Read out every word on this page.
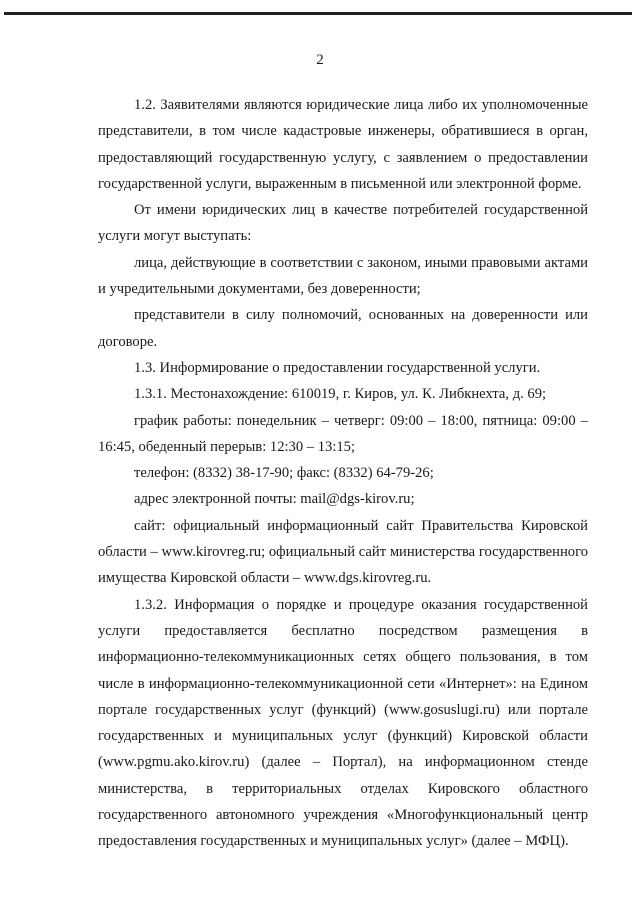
2

1.2. Заявителями являются юридические лица либо их уполномоченные представители, в том числе кадастровые инженеры, обратившиеся в орган, предоставляющий государственную услугу, с заявлением о предоставлении государственной услуги, выраженным в письменной или электронной форме.

От имени юридических лиц в качестве потребителей государственной услуги могут выступать:

лица, действующие в соответствии с законом, иными правовыми актами и учредительными документами, без доверенности;

представители в силу полномочий, основанных на доверенности или договоре.

1.3. Информирование о предоставлении государственной услуги.

1.3.1. Местонахождение: 610019, г. Киров, ул. К. Либкнехта, д. 69;

график работы: понедельник – четверг: 09:00 – 18:00, пятница: 09:00 – 16:45, обеденный перерыв: 12:30 – 13:15;

телефон: (8332) 38-17-90; факс: (8332) 64-79-26;

адрес электронной почты: mail@dgs-kirov.ru;

сайт: официальный информационный сайт Правительства Кировской области – www.kirovreg.ru; официальный сайт министерства государственного имущества Кировской области – www.dgs.kirovreg.ru.

1.3.2. Информация о порядке и процедуре оказания государственной услуги предоставляется бесплатно посредством размещения в информационно-телекоммуникационных сетях общего пользования, в том числе в информационно-телекоммуникационной сети «Интернет»: на Едином портале государственных услуг (функций) (www.gosuslugi.ru) или портале государственных и муниципальных услуг (функций) Кировской области (www.pgmu.ako.kirov.ru) (далее – Портал), на информационном стенде министерства, в территориальных отделах Кировского областного государственного автономного учреждения «Многофункциональный центр предоставления государственных и муниципальных услуг» (далее – МФЦ).
